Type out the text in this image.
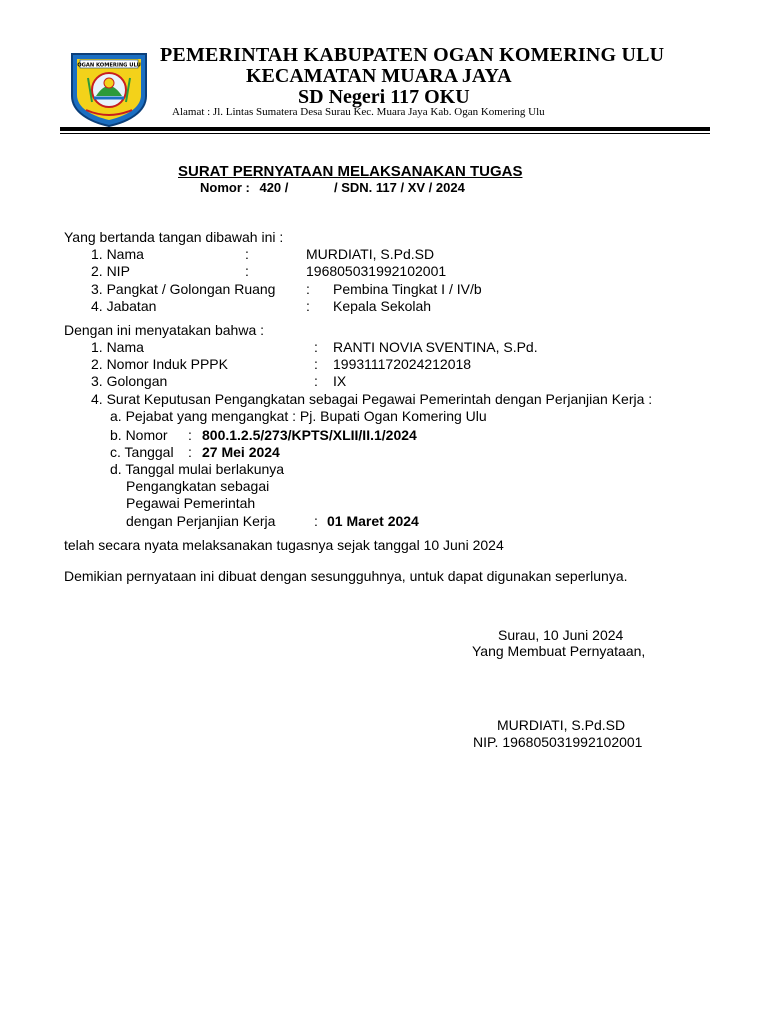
OGAN KOMERING ULU PEMERINTAH KABUPATEN OGAN KOMERING ULU
KECAMATAN MUARA JAYA
SD Negeri 117 OKU
Alamat : Jl. Lintas Sumatera Desa Surau Kec. Muara Jaya Kab. Ogan Komering Ulu
SURAT PERNYATAAN MELAKSANAKAN TUGAS
Nomor : 420 /	/ SDN. 117 / XV / 2024
Yang bertanda tangan dibawah ini :
1. Nama	:	MURDIATI, S.Pd.SD
2. NIP	:	196805031992102001
3. Pangkat / Golongan Ruang : Pembina Tingkat I / IV/b
4. Jabatan	: Kepala Sekolah
Dengan ini menyatakan bahwa :
1. Nama	: RANTI NOVIA SVENTINA, S.Pd.
2. Nomor Induk PPPK	: 199311172024212018
3. Golongan	: IX
4. Surat Keputusan Pengangkatan sebagai Pegawai Pemerintah dengan Perjanjian Kerja :
a. Pejabat yang mengangkat : Pj. Bupati Ogan Komering Ulu
b. Nomor : 800.1.2.5/273/KPTS/XLII/II.1/2024
c. Tanggal : 27 Mei 2024
d. Tanggal mulai berlakunya
Pengangkatan sebagai
Pegawai Pemerintah
dengan Perjanjian Kerja	: 01 Maret 2024
telah secara nyata melaksanakan tugasnya sejak tanggal 10 Juni 2024
Demikian pernyataan ini dibuat dengan sesungguhnya, untuk dapat digunakan seperlunya.
Surau, 10 Juni 2024
Yang Membuat Pernyataan,
MURDIATI, S.Pd.SD
NIP. 196805031992102001
